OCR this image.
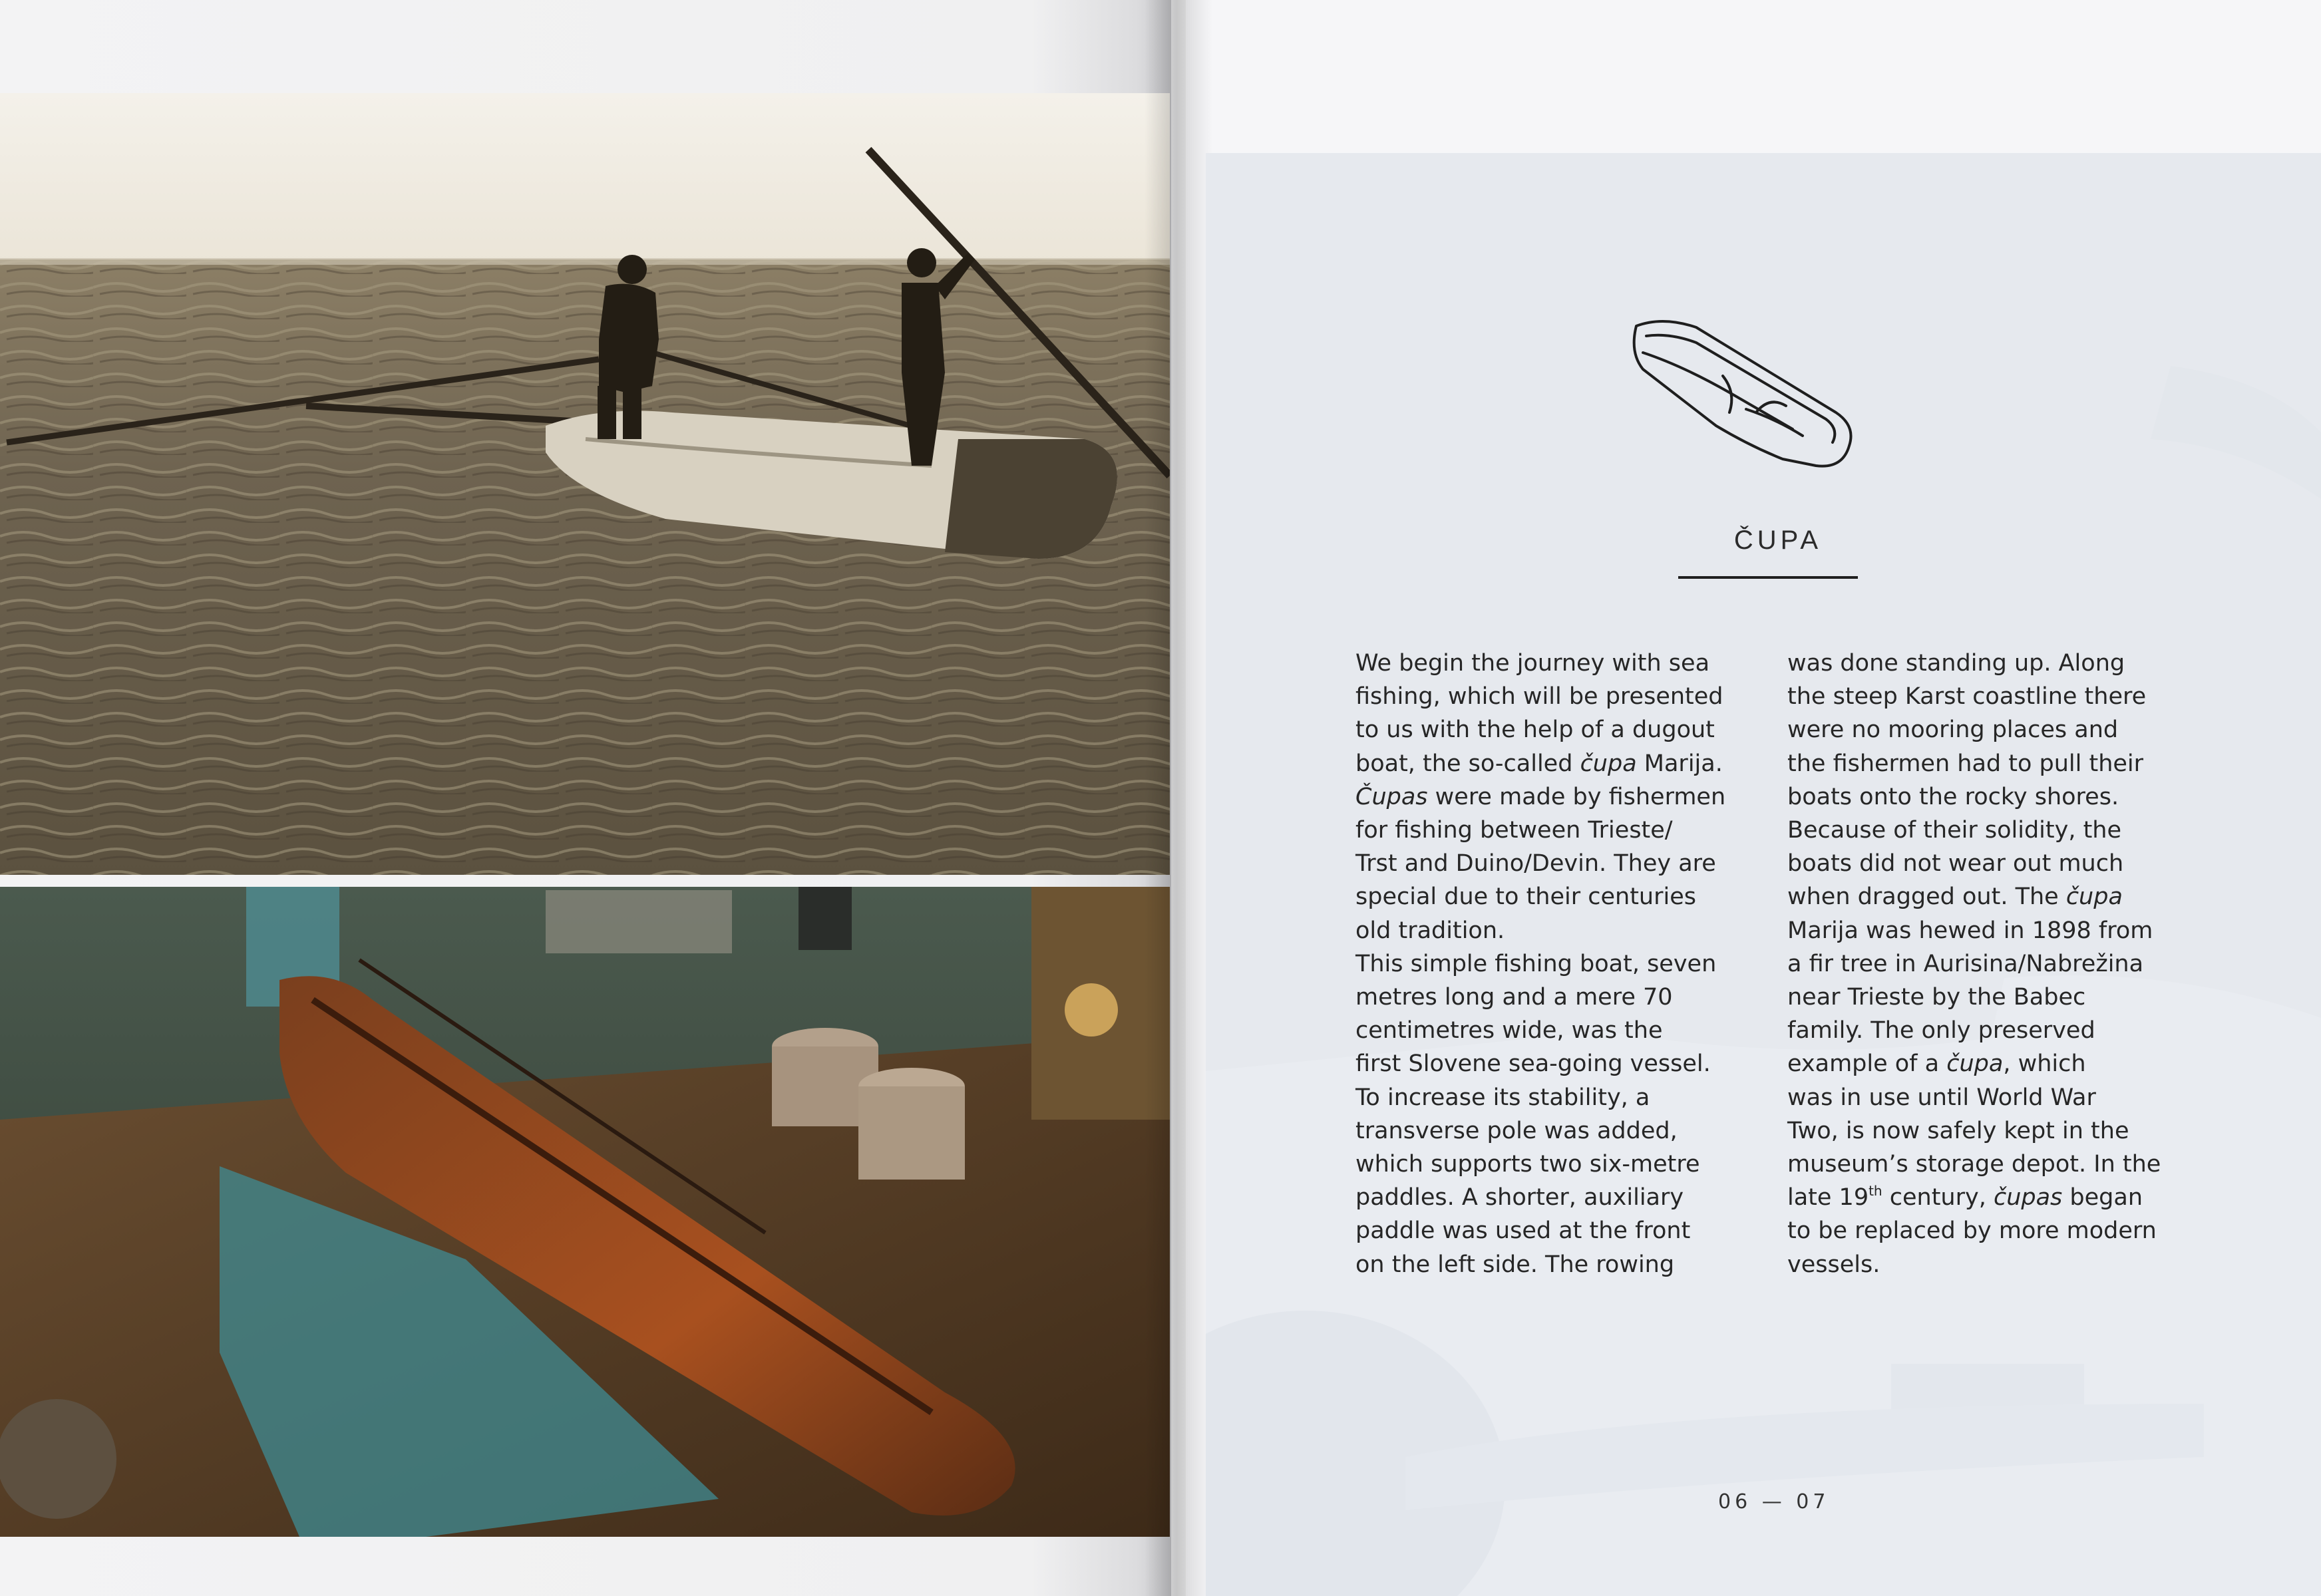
ČUPA
We begin the journey with sea
fishing, which will be presented
to us with the help of a dugout
boat, the so-called čupa Marija.
Čupas were made by fishermen
for fishing between Trieste/
Trst and Duino/Devin. They are
special due to their centuries
old tradition.
This simple fishing boat, seven
metres long and a mere 70
centimetres wide, was the
first Slovene sea-going vessel.
To increase its stability, a
transverse pole was added,
which supports two six-metre
paddles. A shorter, auxiliary
paddle was used at the front
on the left side. The rowing
was done standing up. Along
the steep Karst coastline there
were no mooring places and
the fishermen had to pull their
boats onto the rocky shores.
Because of their solidity, the
boats did not wear out much
when dragged out. The čupa
Marija was hewed in 1898 from
a fir tree in Aurisina/Nabrežina
near Trieste by the Babec
family. The only preserved
example of a čupa, which
was in use until World War
Two, is now safely kept in the
museum’s storage depot. In the
late 19th century, čupas began
to be replaced by more modern
vessels.
06 — 07
